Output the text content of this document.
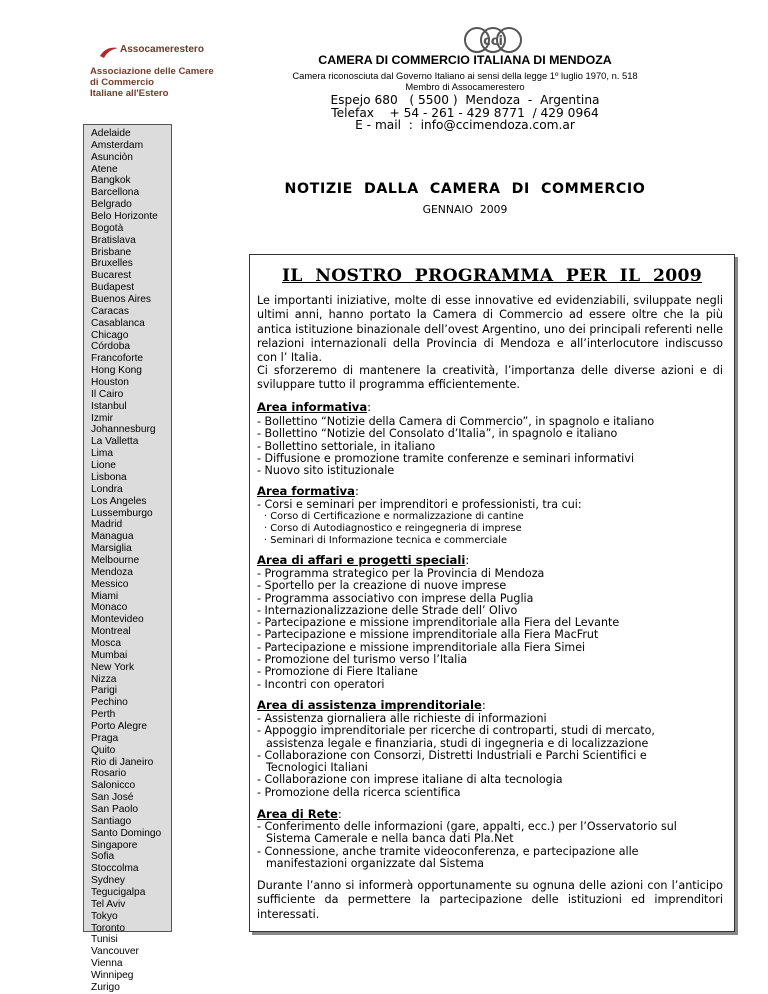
Assocamerestero
Associazione delle Camere
di Commercio
Italiane all'Estero
Adelaide
Amsterdam
Asunciòn
Atene
Bangkok
Barcellona
Belgrado
Belo Horizonte
Bogotà
Bratislava
Brisbane
Bruxelles
Bucarest
Budapest
Buenos Aires
Caracas
Casablanca
Chicago
Córdoba
Francoforte
Hong Kong
Houston
Il Cairo
Istanbul
Izmir
Johannesburg
La Valletta
Lima
Lione
Lisbona
Londra
Los Angeles
Lussemburgo
Madrid
Managua
Marsiglia
Melbourne
Mendoza
Messico
Miami
Monaco
Montevideo
Montreal
Mosca
Mumbai
New York
Nizza
Parigi
Pechino
Perth
Porto Alegre
Praga
Quito
Rio di Janeiro
Rosario
Salonicco
San José
San Paolo
Santiago
Santo Domingo
Singapore
Sofia
Stoccolma
Sydney
Tegucigalpa
Tel Aviv
Tokyo
Toronto
Tunisi
Vancouver
Vienna
Winnipeg
Zurigo
cci
CAMERA DI COMMERCIO ITALIANA DI MENDOZA
Camera riconosciuta dal Governo Italiano ai sensi della legge 1º luglio 1970, n. 518
Membro di Assocamerestero
Espejo 680   ( 5500 )  Mendoza  -  Argentina
Telefax    + 54 - 261 - 429 8771  / 429 0964
E - mail  :  info@ccimendoza.com.ar
NOTIZIE  DALLA  CAMERA  DI  COMMERCIO
GENNAIO  2009
IL  NOSTRO  PROGRAMMA  PER  IL  2009
Le importanti iniziative, molte di esse innovative ed evidenziabili, sviluppate negli ultimi anni, hanno portato la Camera di Commercio ad essere oltre che la più antica istituzione binazionale dell’ovest Argentino, uno dei principali referenti nelle relazioni internazionali della Provincia di Mendoza e all’interlocutore indiscusso con l’ Italia.
Ci sforzeremo di mantenere la creatività, l’importanza delle diverse azioni e di sviluppare tutto il programma efficientemente.
Area informativa:
- Bollettino “Notizie della Camera di Commercio”, in spagnolo e italiano
- Bollettino “Notizie del Consolato d’Italia”, in spagnolo e italiano
- Bollettino settoriale, in italiano
- Diffusione e promozione tramite conferenze e seminari informativi
- Nuovo sito istituzionale
Area formativa:
- Corsi e seminari per imprenditori e professionisti, tra cui:
· Corso di Certificazione e normalizzazione di cantine
· Corso di Autodiagnostico e reingegneria di imprese
· Seminari di Informazione tecnica e commerciale
Area di affari e progetti speciali:
- Programma strategico per la Provincia di Mendoza
- Sportello per la creazione di nuove imprese
- Programma associativo con imprese della Puglia
- Internazionalizzazione delle Strade dell’ Olivo
- Partecipazione e missione imprenditoriale alla Fiera del Levante
- Partecipazione e missione imprenditoriale alla Fiera MacFrut
- Partecipazione e missione imprenditoriale alla Fiera Simei
- Promozione del turismo verso l’Italia
- Promozione di Fiere Italiane
- Incontri con operatori
Area di assistenza imprenditoriale:
- Assistenza giornaliera alle richieste di informazioni
- Appoggio imprenditoriale per ricerche di controparti, studi di mercato,
assistenza legale e finanziaria, studi di ingegneria e di localizzazione
- Collaborazione con Consorzi, Distretti Industriali e Parchi Scientifici e
Tecnologici Italiani
- Collaborazione con imprese italiane di alta tecnologia
- Promozione della ricerca scientifica
Area di Rete:
- Conferimento delle informazioni (gare, appalti, ecc.) per l’Osservatorio sul
Sistema Camerale e nella banca dati Pla.Net
- Connessione, anche tramite videoconferenza, e partecipazione alle
manifestazioni organizzate dal Sistema
Durante l’anno si informerà opportunamente su ognuna delle azioni con l’anticipo sufficiente da permettere la partecipazione delle istituzioni ed imprenditori interessati.
